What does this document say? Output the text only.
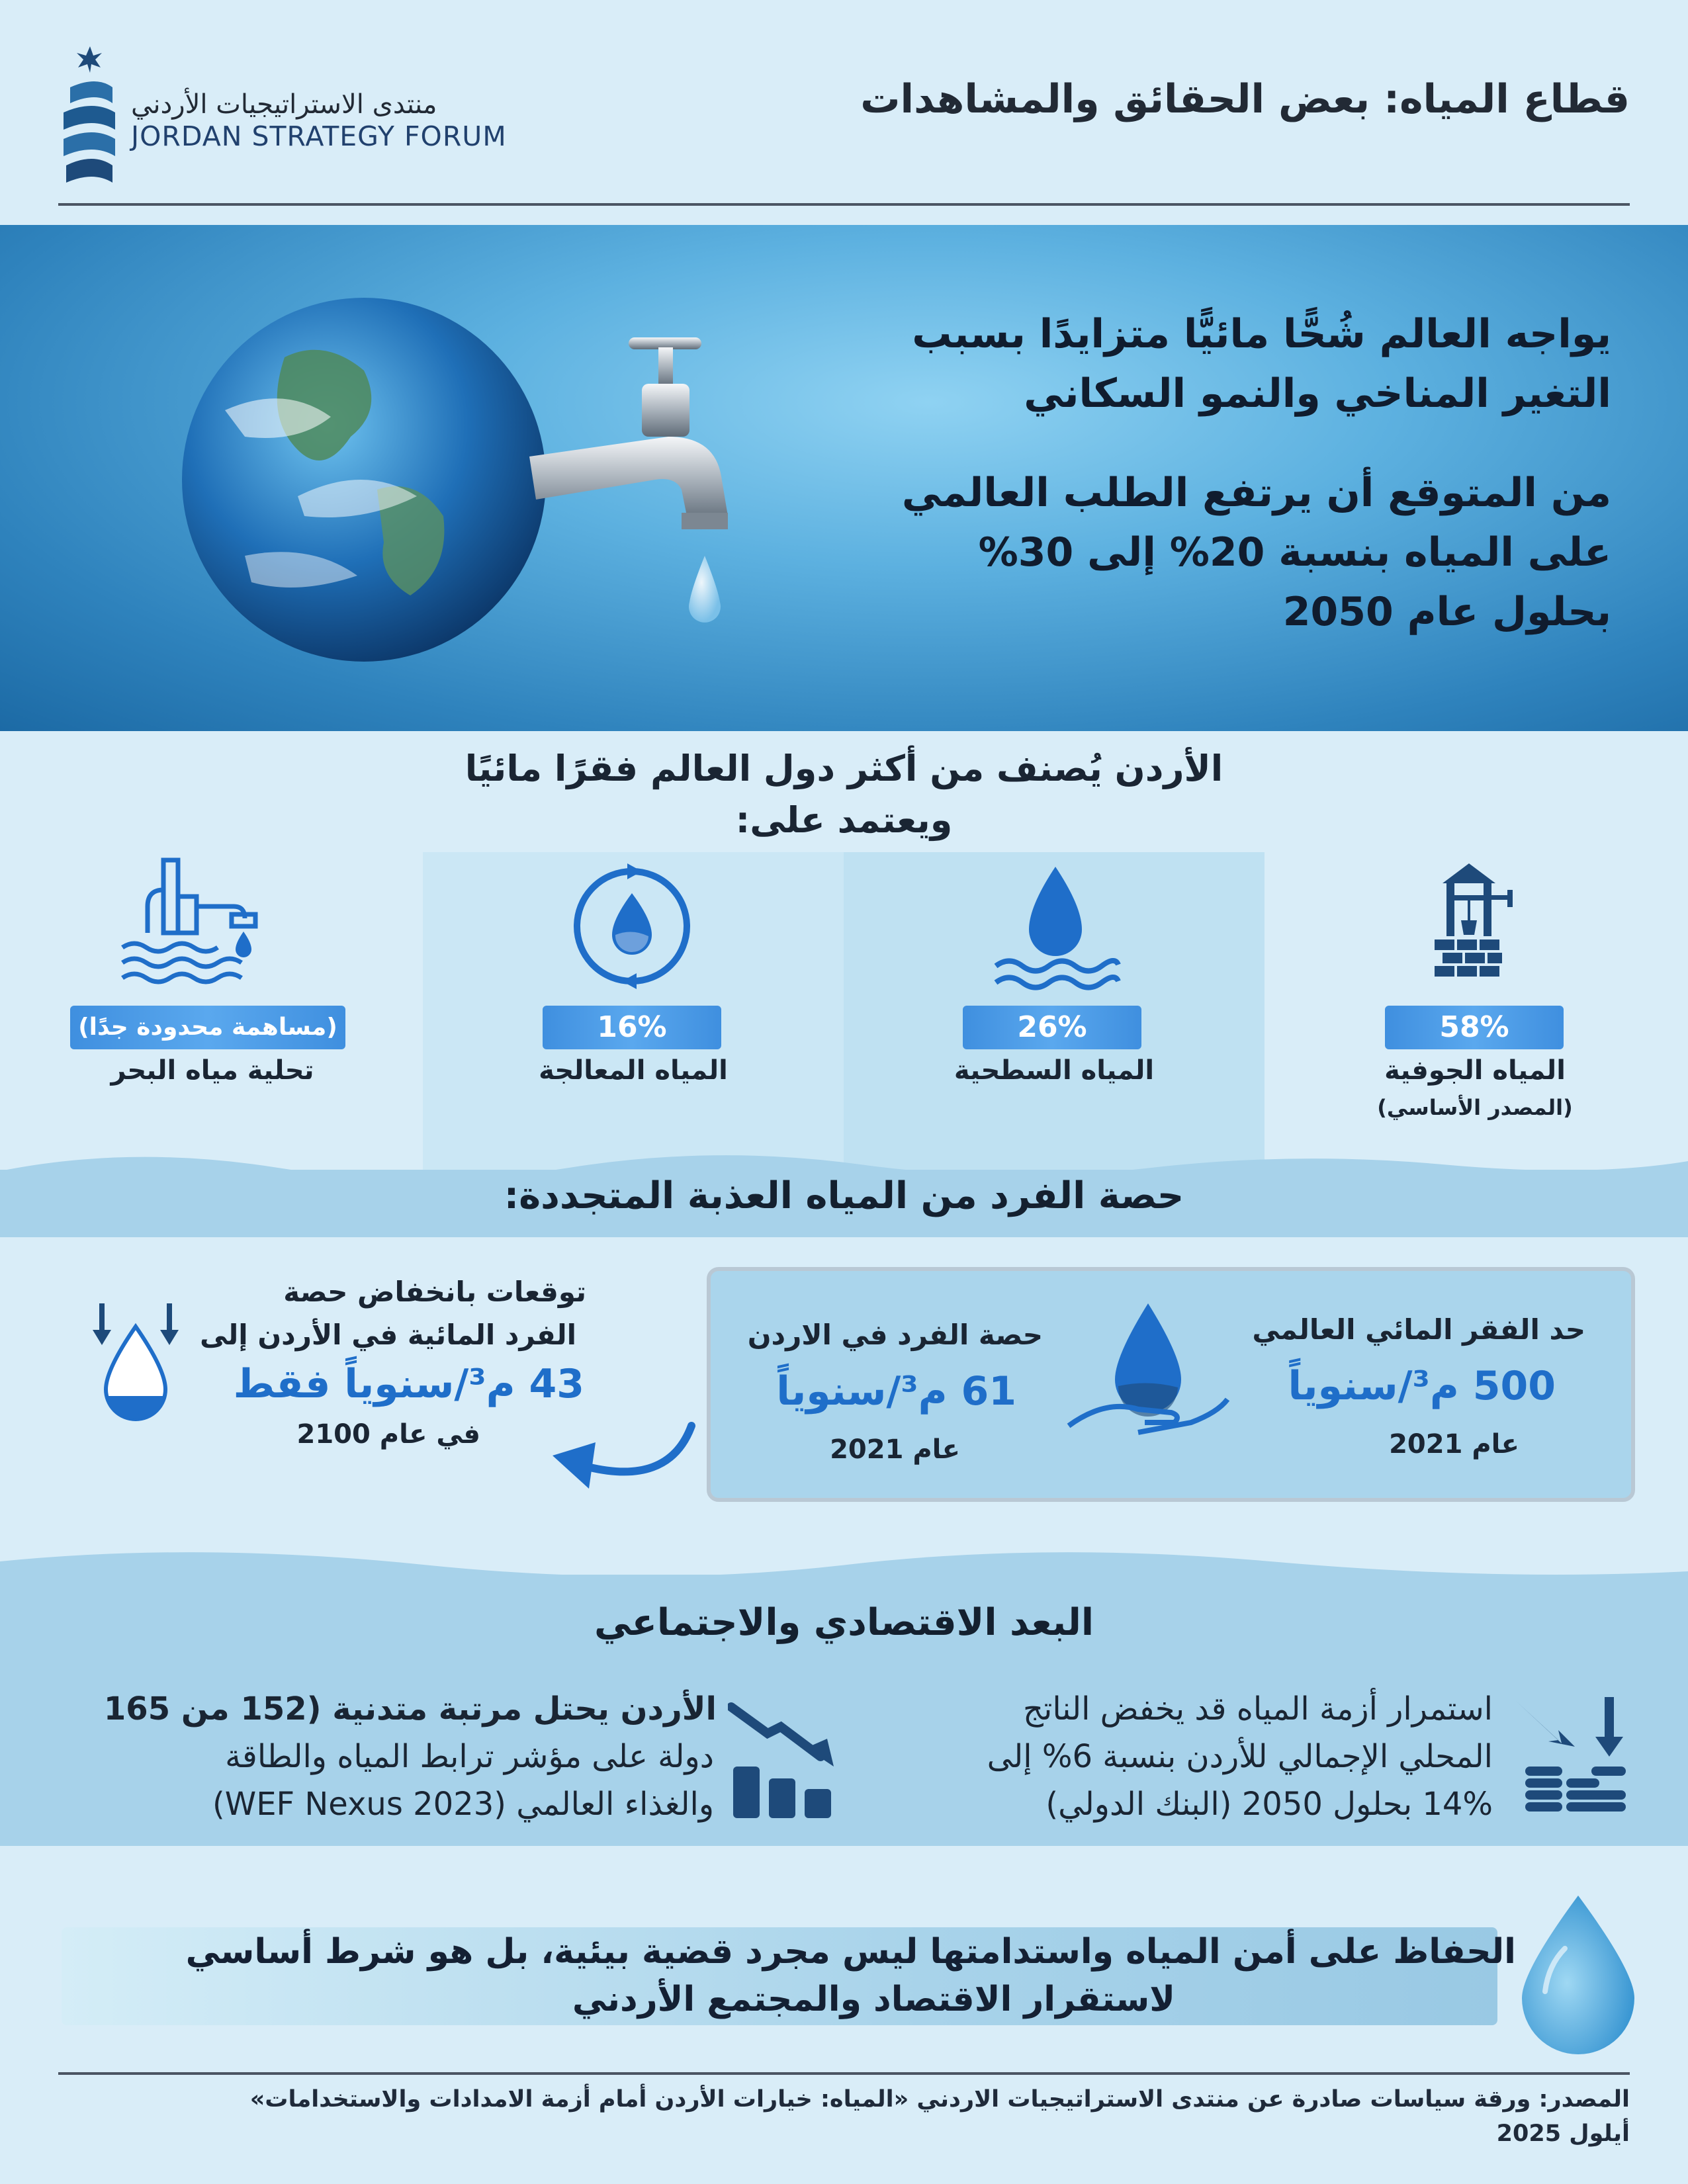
قطاع المياه: بعض الحقائق والمشاهدات
منتدى الاستراتيجيات الأردني
JORDAN STRATEGY FORUM
يواجه العالم شُحًّا مائيًّا متزايدًا بسبب
التغير المناخي والنمو السكاني
من المتوقع أن يرتفع الطلب العالمي
على المياه بنسبة 20% إلى 30%
بحلول عام 2050
الأردن يُصنف من أكثر دول العالم فقرًا مائيًا
ويعتمد على:
58%
26%
16%
(مساهمة محدودة جدًا)
المياه الجوفية
(المصدر الأساسي)
المياه السطحية
المياه المعالجة
تحلية مياه البحر
حصة الفرد من المياه العذبة المتجددة:
حد الفقر المائي العالمي
500 م³/سنوياً
عام 2021
حصة الفرد في الاردن
61 م³/سنوياً
عام 2021
توقعات بانخفاض حصة
الفرد المائية في الأردن إلى
43 م³/سنوياً فقط
في عام 2100
البعد الاقتصادي والاجتماعي
استمرار أزمة المياه قد يخفض الناتج
المحلي الإجمالي للأردن بنسبة 6% إلى
14% بحلول 2050 (البنك الدولي)
الأردن يحتل مرتبة متدنية (152 من 165
دولة على مؤشر ترابط المياه والطاقة
والغذاء العالمي (WEF Nexus 2023)
الحفاظ على أمن المياه واستدامتها ليس مجرد قضية بيئية، بل هو شرط أساسي
لاستقرار الاقتصاد والمجتمع الأردني
المصدر: ورقة سياسات صادرة عن منتدى الاستراتيجيات الاردني «المياه: خيارات الأردن أمام أزمة الامدادات والاستخدامات»
أيلول 2025
